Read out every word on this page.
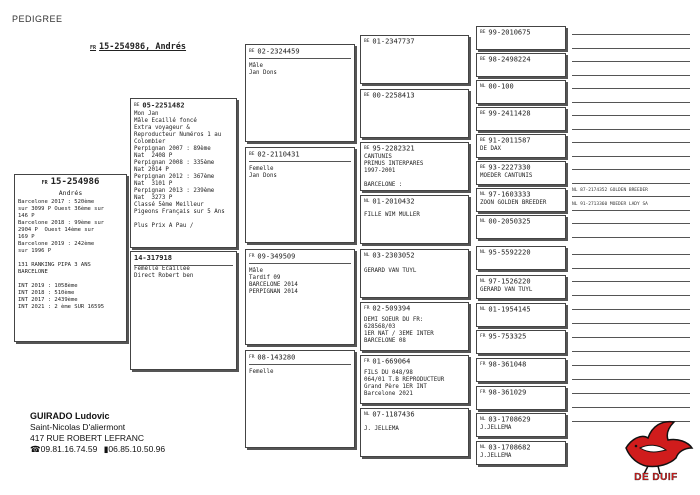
PEDIGREE
FR 15-254986, Andrés
FR 15-254986
Andrés
Barcelone 2017 : 520ème
sur 3099 P Ouest 36ème sur
146 P
Barcelone 2018 : 99ème sur
2904 P  Ouest 14ème sur
169 P
Barcelone 2019 : 242ème
sur 1996 P

131 RANKING PIPA 3 ANS
BARCELONE

INT 2019 : 1058ème
INT 2018 : 510ème
INT 2017 : 2439ème
INT 2021 : 2 ème SUR 16595
BE 05-2251482
Mon Jan
Mâle Ecaillé foncé
Extra voyageur &
Reproducteur Numéros 1 au
Colombier
Perpignan 2007 : 89ème
Nat  2408 P
Perpignan 2008 : 335ème
Nat 2014 P
Perpignan 2012 : 367ème
Nat  3101 P
Perpignan 2013 : 239ème
Nat  3273 P
Classé 5ème Meilleur
Pigeons Français sur 5 Ans

Plus Prix A Pau /
14-317918
Femelle Ecaillée
Direct Robert ben
BE 02-2324459
Mâle
Jan Dons
BE 02-2110431
Femelle
Jan Dons
FR 09-349509
Mâle
Tardif 09
BARCELONE 2014
PERPIGNAN 2014
FR 08-143280
Femelle
BE 01-2347737
BE 00-2258413
BE 95-2282321
CANTUNIS
PRIMUS INTERPARES
1997-2001

BARCELONE :
NL 01-2010432
FILLE WIM MULLER
NL 03-2303052
GERARD VAN TUYL
FR 02-509394
DEMI SOEUR DU FR:
628568/03
1ER NAT / 3EME INTER
BARCELONE 08
FR 01-669064
FILS DU 048/98
064/01 T.B REPRODUCTEUR
Grand Père 1ER INT
Barcelone 2021
NL 07-1187436
J. JELLEMA
BE 99-2010675
BE 98-2498224
NL 00-100
BE 99-2411428
BE 91-2011587
DE DAX
BE 93-2227330
MOEDER CANTUNIS
NL 97-1603333
ZOON GOLDEN BREEDER
NL 00-2050325
NL 95-5592220
NL 97-1526220
GERARD VAN TUYL
NL 01-1954145
FR 95-753325
FR 98-361048
FR 98-361029
NL 03-1708629
J.JELLEMA
NL 03-1708682
J.JELLEMA
NL 87-2174352 GOLDEN BREEDER
NL 91-2713360 MOEDER LADY SA
GUIRADO Ludovic
Saint-Nicolas D'aliermont
417 RUE ROBERT LEFRANC
☎09.81.16.74.59 ▮06.85.10.50.96
DE DUIF
